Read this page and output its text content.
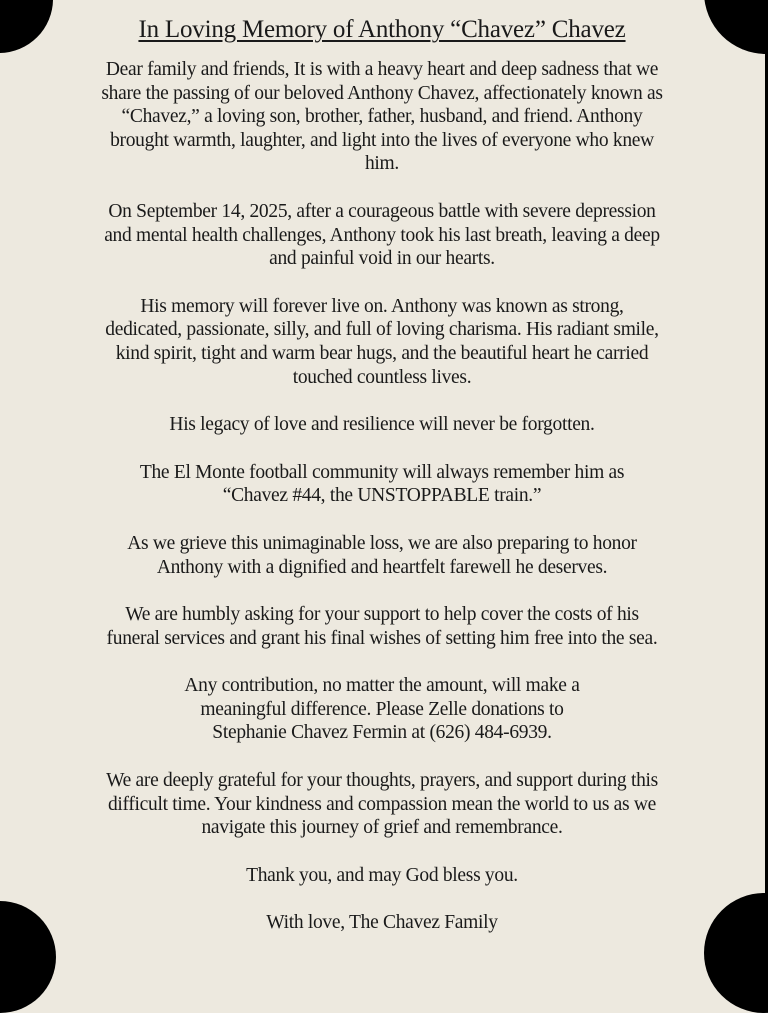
In Loving Memory of Anthony “Chavez” Chavez

Dear family and friends, It is with a heavy heart and deep sadness that we
share the passing of our beloved Anthony Chavez, affectionately known as
“Chavez,” a loving son, brother, father, husband, and friend. Anthony
brought warmth, laughter, and light into the lives of everyone who knew
him.

On September 14, 2025, after a courageous battle with severe depression
and mental health challenges, Anthony took his last breath, leaving a deep
and painful void in our hearts.

His memory will forever live on. Anthony was known as strong,
dedicated, passionate, silly, and full of loving charisma. His radiant smile,
kind spirit, tight and warm bear hugs, and the beautiful heart he carried
touched countless lives.

His legacy of love and resilience will never be forgotten.

The El Monte football community will always remember him as
“Chavez #44, the UNSTOPPABLE train.”

As we grieve this unimaginable loss, we are also preparing to honor
Anthony with a dignified and heartfelt farewell he deserves.

We are humbly asking for your support to help cover the costs of his
funeral services and grant his final wishes of setting him free into the sea.

Any contribution, no matter the amount, will make a
meaningful difference. Please Zelle donations to
Stephanie Chavez Fermin at (626) 484-6939.

We are deeply grateful for your thoughts, prayers, and support during this
difficult time. Your kindness and compassion mean the world to us as we
navigate this journey of grief and remembrance.

Thank you, and may God bless you.

With love, The Chavez Family
